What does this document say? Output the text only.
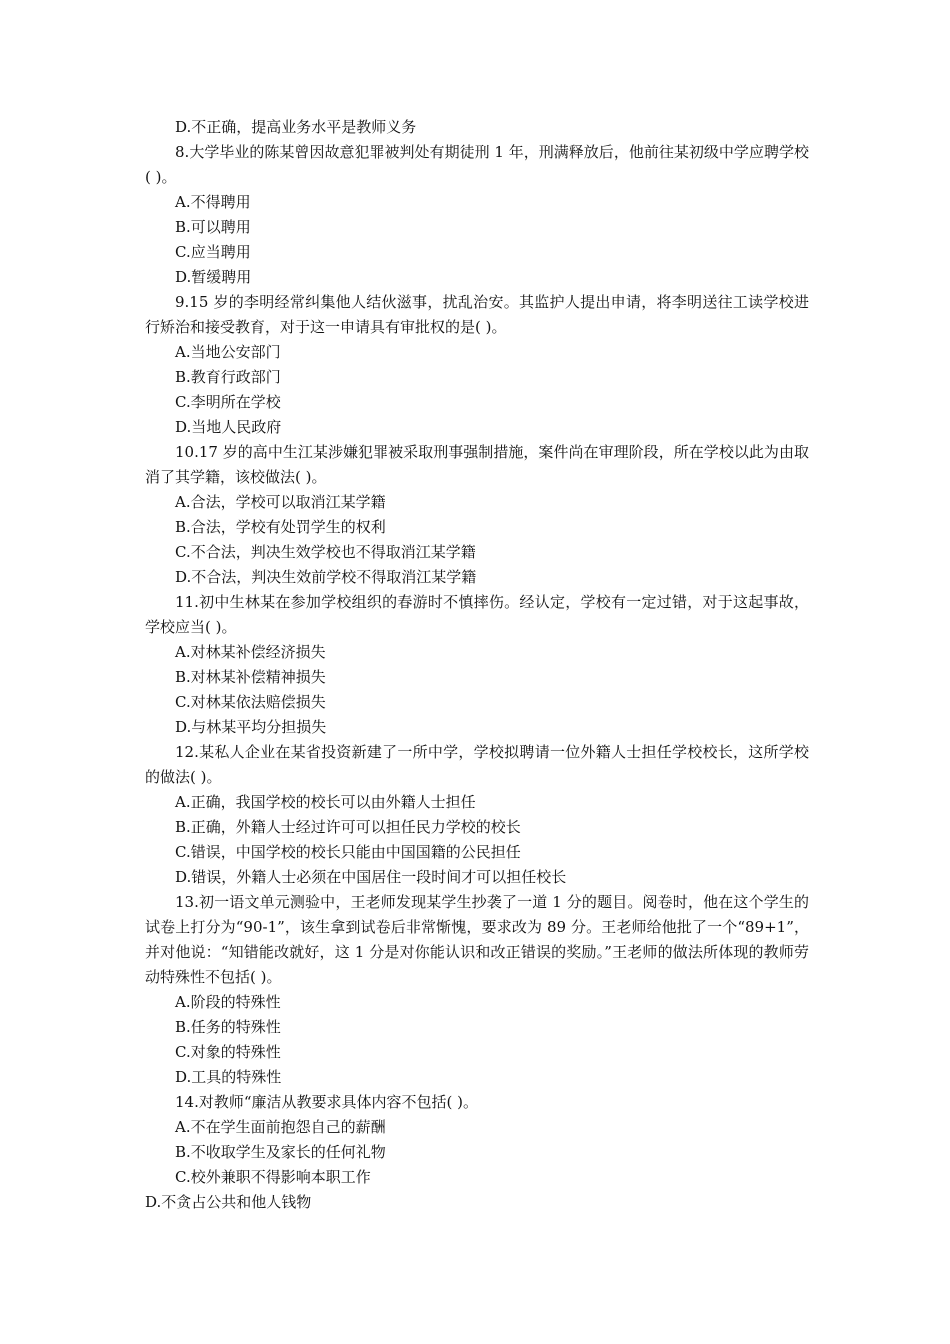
D.不正确，提高业务水平是教师义务
8.大学毕业的陈某曾因故意犯罪被判处有期徒刑 1 年，刑满释放后，他前往某初级中学应聘学校( )。
A.不得聘用
B.可以聘用
C.应当聘用
D.暂缓聘用
9.15 岁的李明经常纠集他人结伙滋事，扰乱治安。其监护人提出申请，将李明送往工读学校进行矫治和接受教育，对于这一申请具有审批权的是( )。
A.当地公安部门
B.教育行政部门
C.李明所在学校
D.当地人民政府
10.17 岁的高中生江某涉嫌犯罪被采取刑事强制措施，案件尚在审理阶段，所在学校以此为由取消了其学籍，该校做法( )。
A.合法，学校可以取消江某学籍
B.合法，学校有处罚学生的权利
C.不合法，判决生效学校也不得取消江某学籍
D.不合法，判决生效前学校不得取消江某学籍
11.初中生林某在参加学校组织的春游时不慎摔伤。经认定，学校有一定过错，对于这起事故，学校应当( )。
A.对林某补偿经济损失
B.对林某补偿精神损失
C.对林某依法赔偿损失
D.与林某平均分担损失
12.某私人企业在某省投资新建了一所中学，学校拟聘请一位外籍人士担任学校校长，这所学校的做法( )。
A.正确，我国学校的校长可以由外籍人士担任
B.正确，外籍人士经过许可可以担任民力学校的校长
C.错误，中国学校的校长只能由中国国籍的公民担任
D.错误，外籍人士必须在中国居住一段时间才可以担任校长
13.初一语文单元测验中，王老师发现某学生抄袭了一道 1 分的题目。阅卷时，他在这个学生的试卷上打分为“90-1”，该生拿到试卷后非常惭愧，要求改为 89 分。王老师给他批了一个“89+1”，并对他说：“知错能改就好，这 1 分是对你能认识和改正错误的奖励。”王老师的做法所体现的教师劳动特殊性不包括( )。
A.阶段的特殊性
B.任务的特殊性
C.对象的特殊性
D.工具的特殊性
14.对教师“廉洁从教要求具体内容不包括( )。
A.不在学生面前抱怨自己的薪酬
B.不收取学生及家长的任何礼物
C.校外兼职不得影响本职工作
D.不贪占公共和他人钱物
